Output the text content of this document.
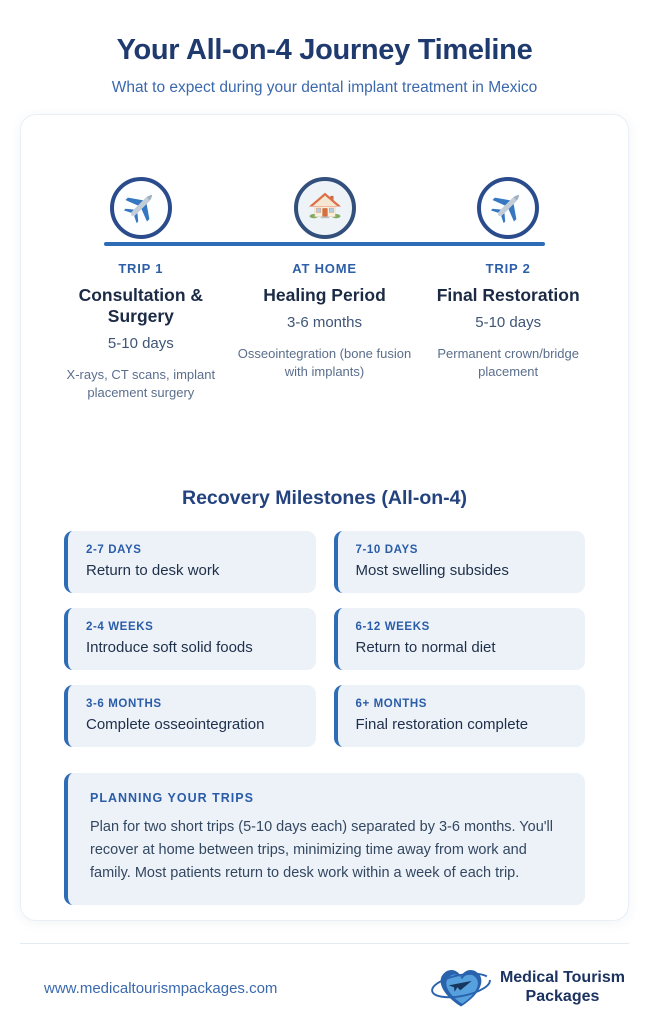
Your All-on-4 Journey Timeline
What to expect during your dental implant treatment in Mexico
TRIP 1
Consultation & Surgery
5-10 days
X-rays, CT scans, implant placement surgery
AT HOME
Healing Period
3-6 months
Osseointegration (bone fusion with implants)
TRIP 2
Final Restoration
5-10 days
Permanent crown/bridge placement
Recovery Milestones (All-on-4)
2-7 DAYS
Return to desk work
7-10 DAYS
Most swelling subsides
2-4 WEEKS
Introduce soft solid foods
6-12 WEEKS
Return to normal diet
3-6 MONTHS
Complete osseointegration
6+ MONTHS
Final restoration complete
PLANNING YOUR TRIPS
Plan for two short trips (5-10 days each) separated by 3-6 months. You'll recover at home between trips, minimizing time away from work and family. Most patients return to desk work within a week of each trip.
www.medicaltourismpackages.com
Medical Tourism
Packages
